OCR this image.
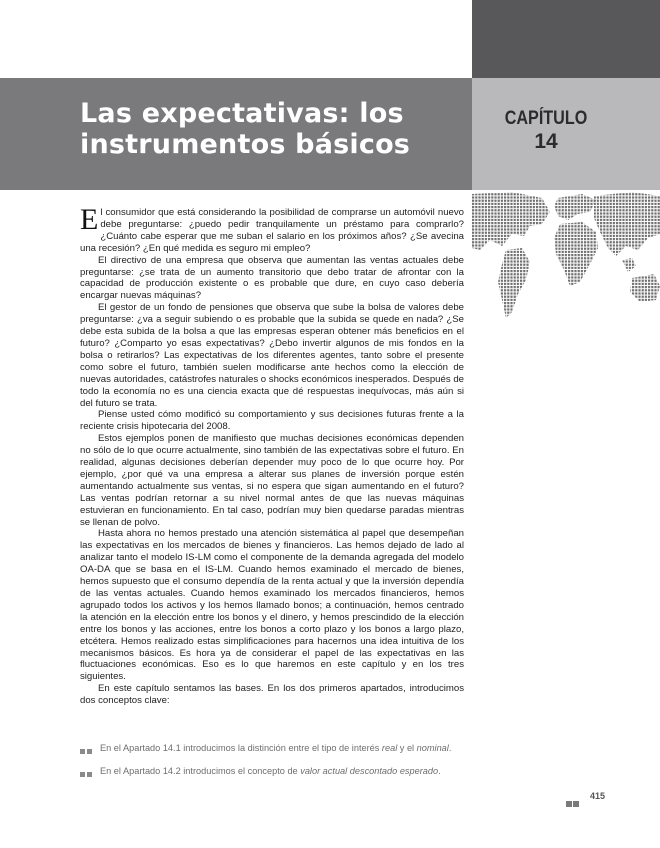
Las expectativas: los
instrumentos básicos
CAPÍTULO
14

El consumidor que está considerando la posibilidad de comprarse un automóvil nuevo debe preguntarse: ¿puedo pedir tranquilamente un préstamo para comprarlo? ¿Cuánto cabe esperar que me suban el salario en los próximos años? ¿Se avecina una recesión? ¿En qué medida es seguro mi empleo?

El directivo de una empresa que observa que aumentan las ventas actuales debe preguntarse: ¿se trata de un aumento transitorio que debo tratar de afrontar con la capacidad de producción existente o es probable que dure, en cuyo caso debería encargar nuevas máquinas?

El gestor de un fondo de pensiones que observa que sube la bolsa de valores debe preguntarse: ¿va a seguir subiendo o es probable que la subida se quede en nada? ¿Se debe esta subida de la bolsa a que las empresas esperan obtener más beneficios en el futuro? ¿Comparto yo esas expectativas? ¿Debo invertir algunos de mis fondos en la bolsa o retirarlos? Las expectativas de los diferentes agentes, tanto sobre el presente como sobre el futuro, también suelen modificarse ante hechos como la elección de nuevas autoridades, catástrofes naturales o shocks económicos inesperados. Después de todo la economía no es una ciencia exacta que dé respuestas inequívocas, más aún si del futuro se trata.

Piense usted cómo modificó su comportamiento y sus decisiones futuras frente a la reciente crisis hipotecaria del 2008.

Estos ejemplos ponen de manifiesto que muchas decisiones económicas dependen no sólo de lo que ocurre actualmente, sino también de las expectativas sobre el futuro. En realidad, algunas decisiones deberían depender muy poco de lo que ocurre hoy. Por ejemplo, ¿por qué va una empresa a alterar sus planes de inversión porque estén aumentando actualmente sus ventas, si no espera que sigan aumentando en el futuro? Las ventas podrían retornar a su nivel normal antes de que las nuevas máquinas estuvieran en funcionamiento. En tal caso, podrían muy bien quedarse paradas mientras se llenan de polvo.

Hasta ahora no hemos prestado una atención sistemática al papel que desempeñan las expectativas en los mercados de bienes y financieros. Las hemos dejado de lado al analizar tanto el modelo IS-LM como el componente de la demanda agregada del modelo OA-DA que se basa en el IS-LM. Cuando hemos examinado el mercado de bienes, hemos supuesto que el consumo dependía de la renta actual y que la inversión dependía de las ventas actuales. Cuando hemos examinado los mercados financieros, hemos agrupado todos los activos y los hemos llamado bonos; a continuación, hemos centrado la atención en la elección entre los bonos y el dinero, y hemos prescindido de la elección entre los bonos y las acciones, entre los bonos a corto plazo y los bonos a largo plazo, etcétera. Hemos realizado estas simplificaciones para hacernos una idea intuitiva de los mecanismos básicos. Es hora ya de considerar el papel de las expectativas en las fluctuaciones económicas. Eso es lo que haremos en este capítulo y en los tres siguientes.

En este capítulo sentamos las bases. En los dos primeros apartados, introducimos dos conceptos clave:

En el Apartado 14.1 introducimos la distinción entre el tipo de interés real y el nominal.
En el Apartado 14.2 introducimos el concepto de valor actual descontado esperado.
415
